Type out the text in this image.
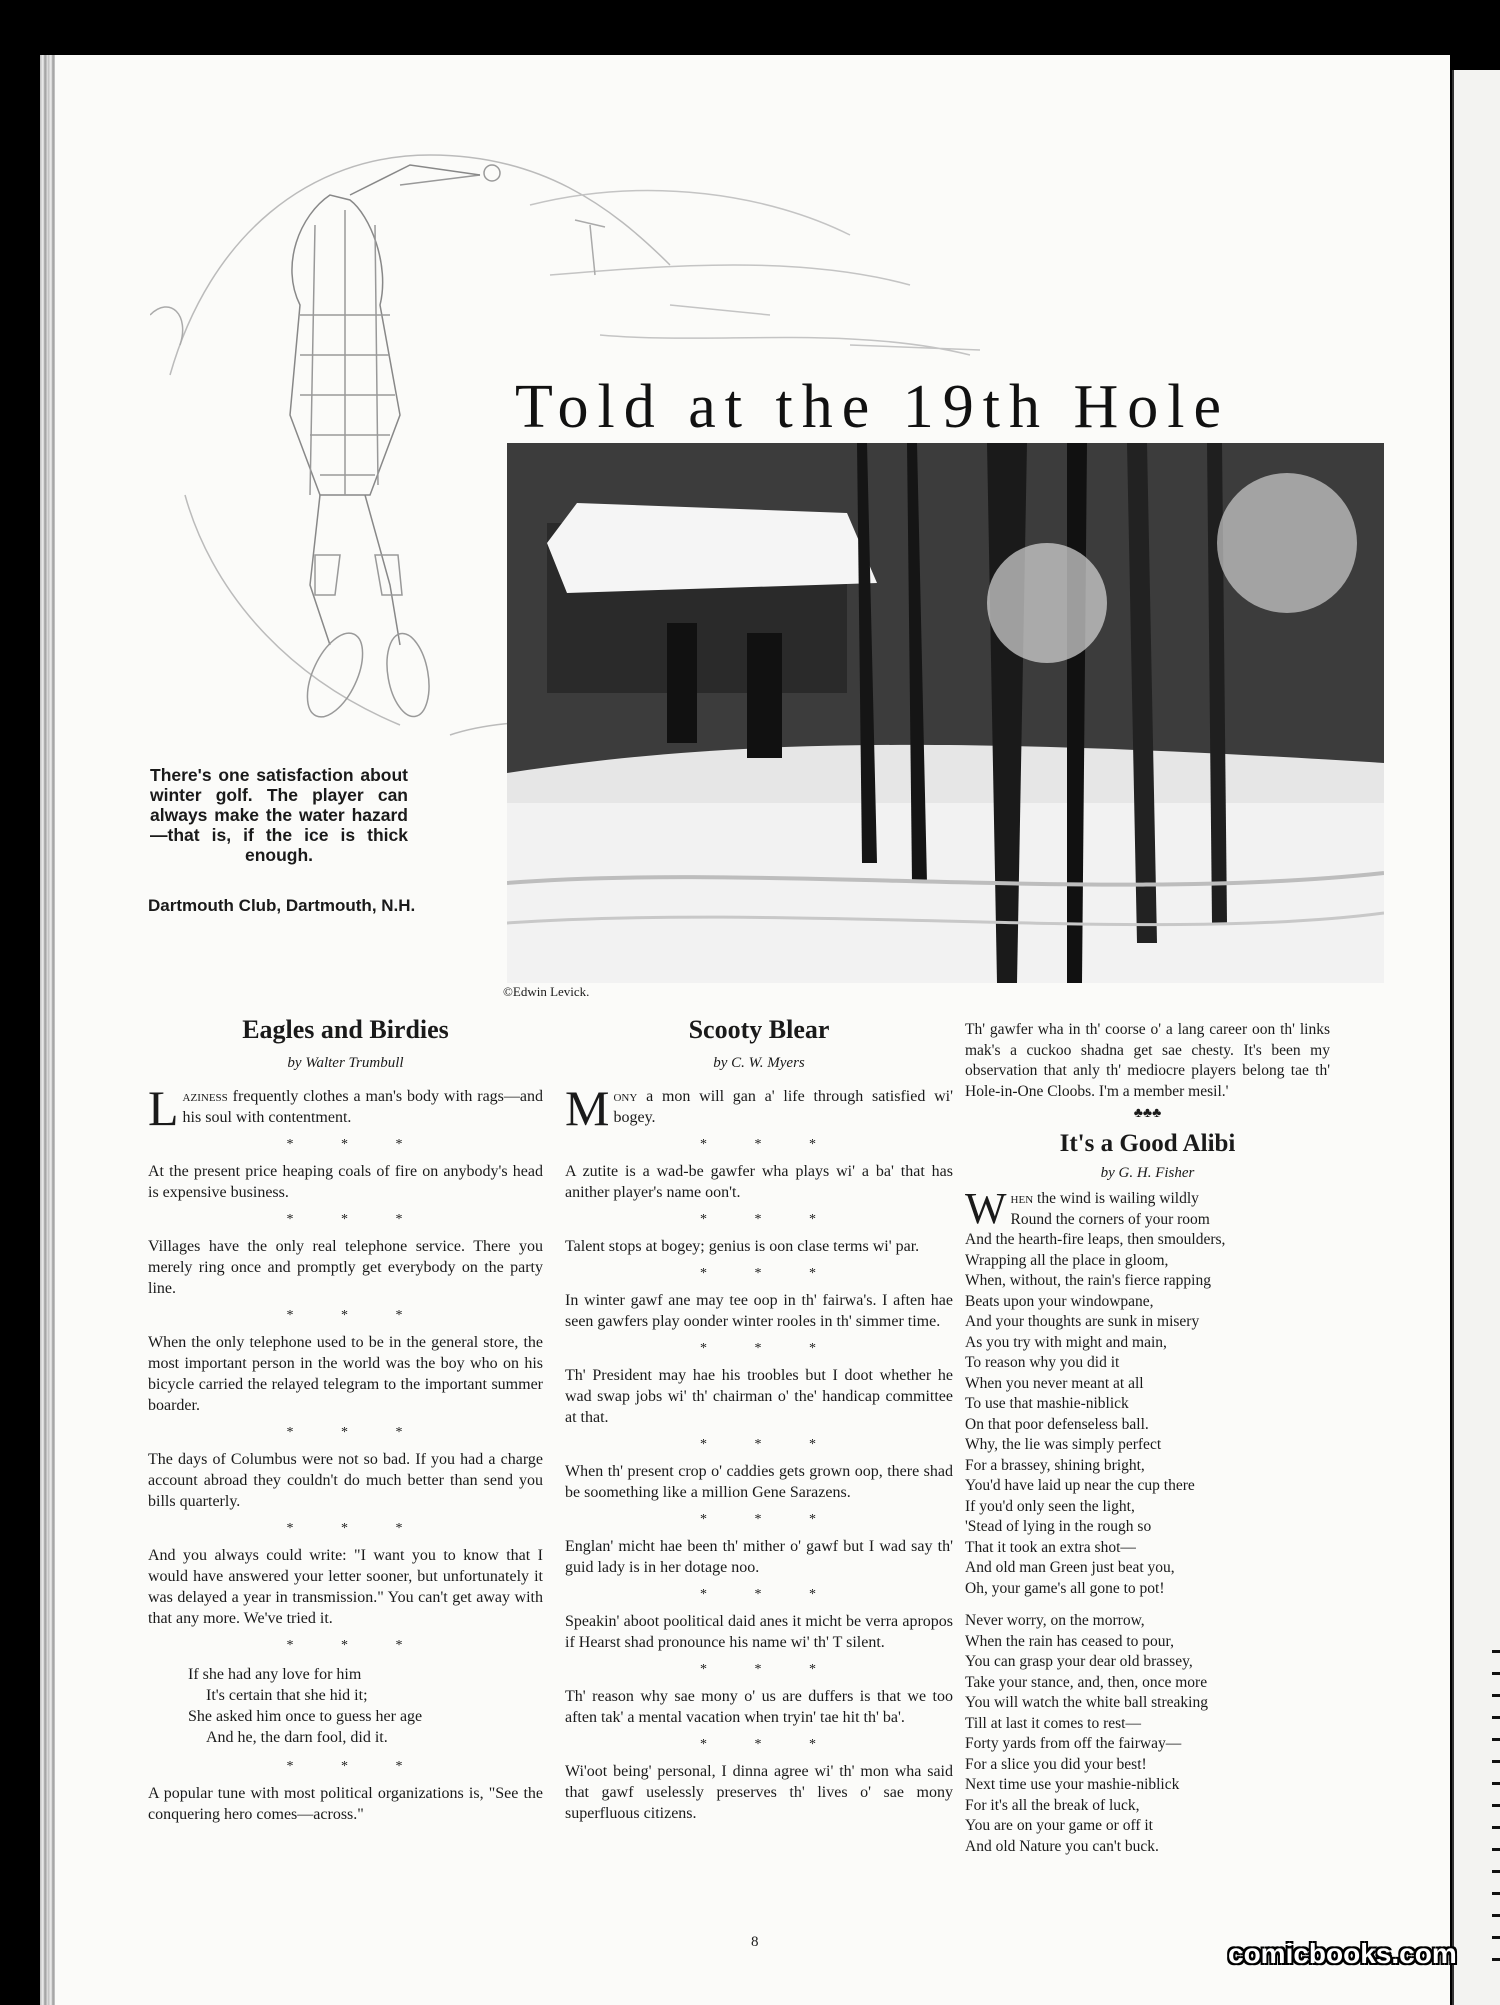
Told at the 19th Hole
©Edwin Levick.
There's one satisfaction about winter golf. The player can always make the water hazard—that is, if the ice is thick enough.
Dartmouth Club, Dartmouth, N.H.
Eagles and Birdies
by Walter Trumbull

Laziness frequently clothes a man's body with rags—and his soul with contentment.

* * *

At the present price heaping coals of fire on anybody's head is expensive business.

* * *

Villages have the only real telephone service. There you merely ring once and promptly get everybody on the party line.

* * *

When the only telephone used to be in the general store, the most important person in the world was the boy who on his bicycle carried the relayed telegram to the important summer boarder.

* * *

The days of Columbus were not so bad. If you had a charge account abroad they couldn't do much better than send you bills quarterly.

* * *

And you always could write: "I want you to know that I would have answered your letter sooner, but unfortunately it was delayed a year in transmission." You can't get away with that any more. We've tried it.

* * *

If she had any love for him

It's certain that she hid it;

She asked him once to guess her age

And he, the darn fool, did it.

* * *

A popular tune with most political organizations is, "See the conquering hero comes—across."

Scooty Blear
by C. W. Myers

Mony a mon will gan a' life through satisfied wi' bogey.

* * *

A zutite is a wad-be gawfer wha plays wi' a ba' that has anither player's name oon't.

* * *

Talent stops at bogey; genius is oon clase terms wi' par.

* * *

In winter gawf ane may tee oop in th' fairwa's. I aften hae seen gawfers play oonder winter rooles in th' simmer time.

* * *

Th' President may hae his troobles but I doot whether he wad swap jobs wi' th' chairman o' the' handicap committee at that.

* * *

When th' present crop o' caddies gets grown oop, there shad be soomething like a million Gene Sarazens.

* * *

Englan' micht hae been th' mither o' gawf but I wad say th' guid lady is in her dotage noo.

* * *

Speakin' aboot poolitical daid anes it micht be verra apropos if Hearst shad pronounce his name wi' th' T silent.

* * *

Th' reason why sae mony o' us are duffers is that we too aften tak' a mental vacation when tryin' tae hit th' ba'.

* * *

Wi'oot being' personal, I dinna agree wi' th' mon wha said that gawf uselessly preserves th' lives o' sae mony superfluous citizens.

Th' gawfer wha in th' coorse o' a lang career oon th' links mak's a cuckoo shadna get sae chesty. It's been my observation that anly th' mediocre players belong tae th' Hole-in-One Cloobs. I'm a member mesil.'

♣♣♣
It's a Good Alibi
by G. H. Fisher

When the wind is wailing wildly

Round the corners of your room

And the hearth-fire leaps, then smoulders,

Wrapping all the place in gloom,

When, without, the rain's fierce rapping

Beats upon your windowpane,

And your thoughts are sunk in misery

As you try with might and main,

To reason why you did it

When you never meant at all

To use that mashie-niblick

On that poor defenseless ball.

Why, the lie was simply perfect

For a brassey, shining bright,

You'd have laid up near the cup there

If you'd only seen the light,

'Stead of lying in the rough so

That it took an extra shot—

And old man Green just beat you,

Oh, your game's all gone to pot!

Never worry, on the morrow,

When the rain has ceased to pour,

You can grasp your dear old brassey,

Take your stance, and, then, once more

You will watch the white ball streaking

Till at last it comes to rest—

Forty yards from off the fairway—

For a slice you did your best!

Next time use your mashie-niblick

For it's all the break of luck,

You are on your game or off it

And old Nature you can't buck.

8	comicbooks.com
